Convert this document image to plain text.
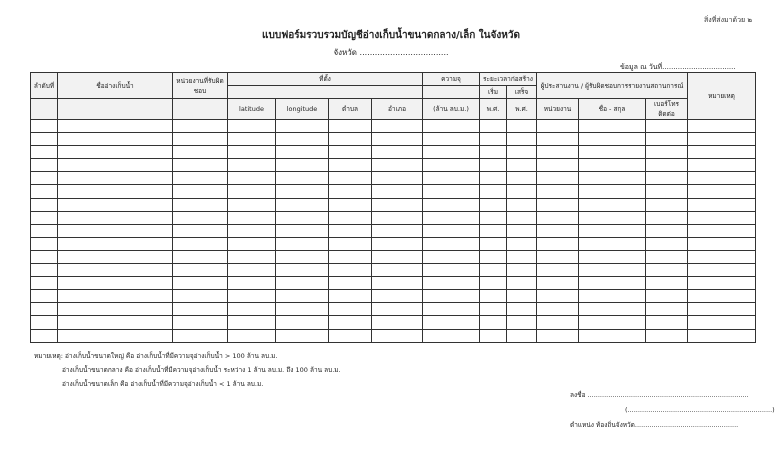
สิ่งที่ส่งมาด้วย ๒
แบบฟอร์มรวบรวมบัญชีอ่างเก็บน้ำขนาดกลาง/เล็ก ในจังหวัด
จังหวัด ...................................
ข้อมูล ณ วันที่.................................
ลำดับที่	ชื่ออ่างเก็บน้ำ	หน่วยงานที่รับผิดชอบ	ที่ตั้ง				ความจุ	ระยะเวลาก่อสร้าง		ผู้ประสานงาน / ผู้รับผิดชอบการรายงานสถานการณ์			หมายเหตุ
								เริ่ม	เสร็จ				
			latitude	longitude	ตำบล	อำเภอ	(ล้าน ลบ.ม.)	พ.ศ.	พ.ศ.	หน่วยงาน	ชื่อ - สกุล	เบอร์โทรติดต่อ	

หมายเหตุ: อ่างเก็บน้ำขนาดใหญ่ คือ อ่างเก็บน้ำที่มีความจุอ่างเก็บน้ำ > 100 ล้าน ลบ.ม.
อ่างเก็บน้ำขนาดกลาง คือ อ่างเก็บน้ำที่มีความจุอ่างเก็บน้ำ ระหว่าง 1 ล้าน ลบ.ม. ถึง 100 ล้าน ลบ.ม.
อ่างเก็บน้ำขนาดเล็ก คือ อ่างเก็บน้ำที่มีความจุอ่างเก็บน้ำ < 1 ล้าน ลบ.ม.
ลงชื่อ ..............................................................................
(......................................................................)
ตำแหน่ง ท้องถิ่นจังหวัด..................................................
